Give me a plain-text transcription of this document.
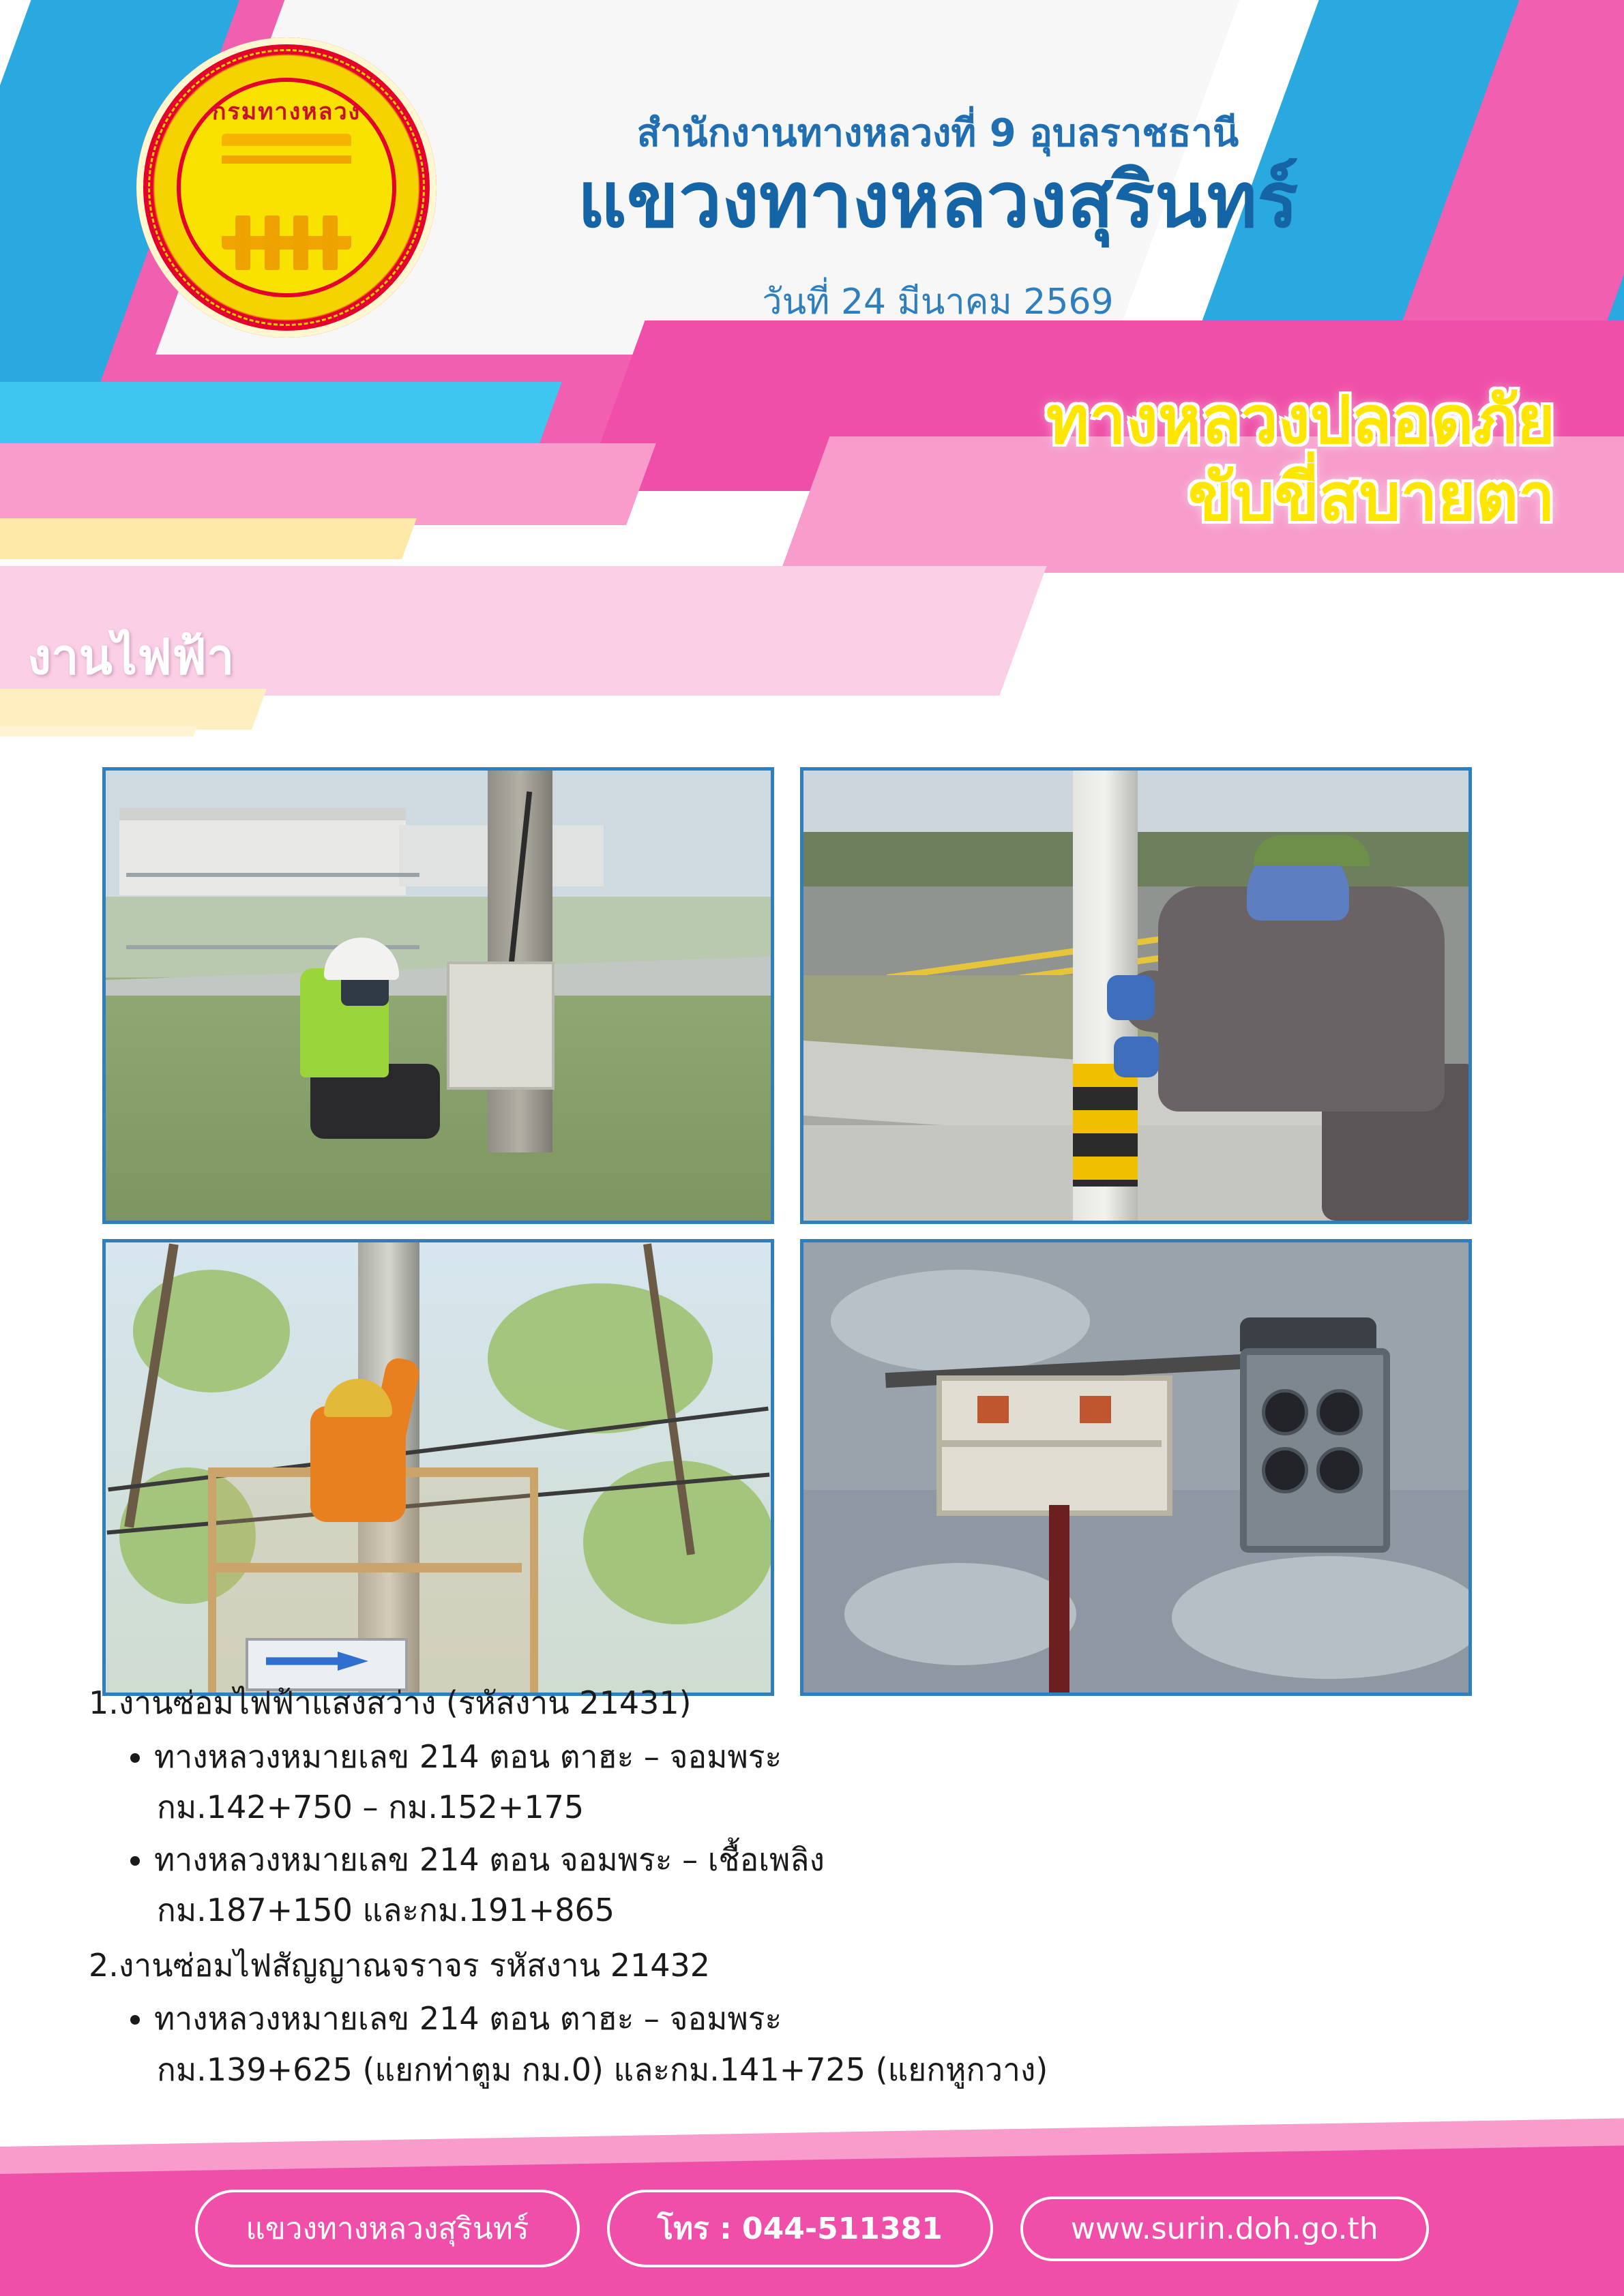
กรมทางหลวง	สำนักงานทางหลวงที่ 9 อุบลราชธานี
แขวงทางหลวงสุรินทร์
วันที่ 24 มีนาคม 2569
ทางหลวงปลอดภัย
ขับขี่สบายตา
งานไฟฟ้า

1.งานซ่อมไฟฟ้าแสงสว่าง (รหัสงาน 21431)

• ทางหลวงหมายเลข 214 ตอน ตาฮะ – จอมพระ
กม.142+750 – กม.152+175
• ทางหลวงหมายเลข 214 ตอน จอมพระ – เชื้อเพลิง
กม.187+150 และกม.191+865

2.งานซ่อมไฟสัญญาณจราจร รหัสงาน 21432

• ทางหลวงหมายเลข 214 ตอน ตาฮะ – จอมพระ
กม.139+625 (แยกท่าตูม กม.0) และกม.141+725 (แยกหูกวาง)
แขวงทางหลวงสุรินทร์	โทร : 044-511381	www.surin.doh.go.th
